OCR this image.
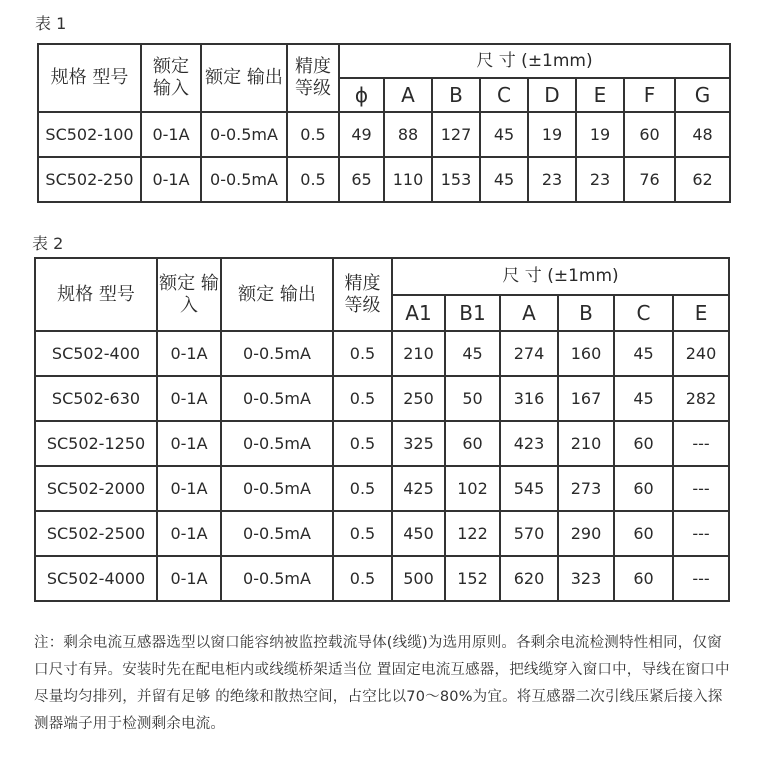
表 1
规格 型号	额定 输入	额定 输出	精度 等级	尺 寸 (±1mm)							
				ϕ	A	B	C	D	E	F	G
SC502-100	0-1A	0-0.5mA	0.5	49	88	127	45	19	19	60	48
SC502-250	0-1A	0-0.5mA	0.5	65	110	153	45	23	23	76	62
表 2
规格 型号	额定 输入	额定 输出	精度 等级	尺 寸 (±1mm)					
				A1	B1	A	B	C	E
SC502-400	0-1A	0-0.5mA	0.5	210	45	274	160	45	240
SC502-630	0-1A	0-0.5mA	0.5	250	50	316	167	45	282
SC502-1250	0-1A	0-0.5mA	0.5	325	60	423	210	60	---
SC502-2000	0-1A	0-0.5mA	0.5	425	102	545	273	60	---
SC502-2500	0-1A	0-0.5mA	0.5	450	122	570	290	60	---
SC502-4000	0-1A	0-0.5mA	0.5	500	152	620	323	60	---
注：剩余电流互感器选型以窗口能容纳被监控载流导体(线缆)为选用原则。各剩余电流检测特性相同，仅窗口尺寸有异。安装时先在配电柜内或线缆桥架适当位 置固定电流互感器，把线缆穿入窗口中，导线在窗口中尽量均匀排列，并留有足够 的绝缘和散热空间，占空比以70～80%为宜。将互感器二次引线压紧后接入探测器端子用于检测剩余电流。
